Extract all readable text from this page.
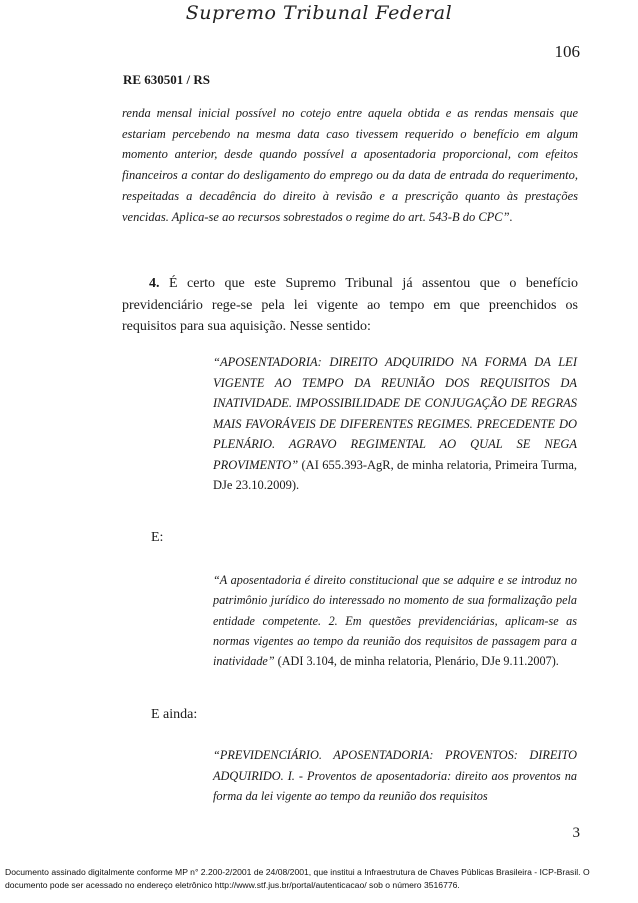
Supremo Tribunal Federal
106
RE 630501 / RS

renda mensal inicial possível no cotejo entre aquela obtida e as rendas mensais que estariam percebendo na mesma data caso tivessem requerido o benefício em algum momento anterior, desde quando possível a aposentadoria proporcional, com efeitos financeiros a contar do desligamento do emprego ou da data de entrada do requerimento, respeitadas a decadência do direito à revisão e a prescrição quanto às prestações vencidas. Aplica-se ao recursos sobrestados o regime do art. 543-B do CPC”.

4. É certo que este Supremo Tribunal já assentou que o benefício previdenciário rege-se pela lei vigente ao tempo em que preenchidos os requisitos para sua aquisição. Nesse sentido:

“APOSENTADORIA: DIREITO ADQUIRIDO NA FORMA DA LEI VIGENTE AO TEMPO DA REUNIÃO DOS REQUISITOS DA INATIVIDADE. IMPOSSIBILIDADE DE CONJUGAÇÃO DE REGRAS MAIS FAVORÁVEIS DE DIFERENTES REGIMES. PRECEDENTE DO PLENÁRIO. AGRAVO REGIMENTAL AO QUAL SE NEGA PROVIMENTO” (AI 655.393-AgR, de minha relatoria, Primeira Turma, DJe 23.10.2009).

E:

“A aposentadoria é direito constitucional que se adquire e se introduz no patrimônio jurídico do interessado no momento de sua formalização pela entidade competente. 2. Em questões previdenciárias, aplicam-se as normas vigentes ao tempo da reunião dos requisitos de passagem para a inatividade” (ADI 3.104, de minha relatoria, Plenário, DJe 9.11.2007).

E ainda:

“PREVIDENCIÁRIO. APOSENTADORIA: PROVENTOS: DIREITO ADQUIRIDO. I. - Proventos de aposentadoria: direito aos proventos na forma da lei vigente ao tempo da reunião dos requisitos

3
Documento assinado digitalmente conforme MP n° 2.200-2/2001 de 24/08/2001, que institui a Infraestrutura de Chaves Públicas Brasileira - ICP-Brasil. O documento pode ser acessado no endereço eletrônico http://www.stf.jus.br/portal/autenticacao/ sob o número 3516776.
